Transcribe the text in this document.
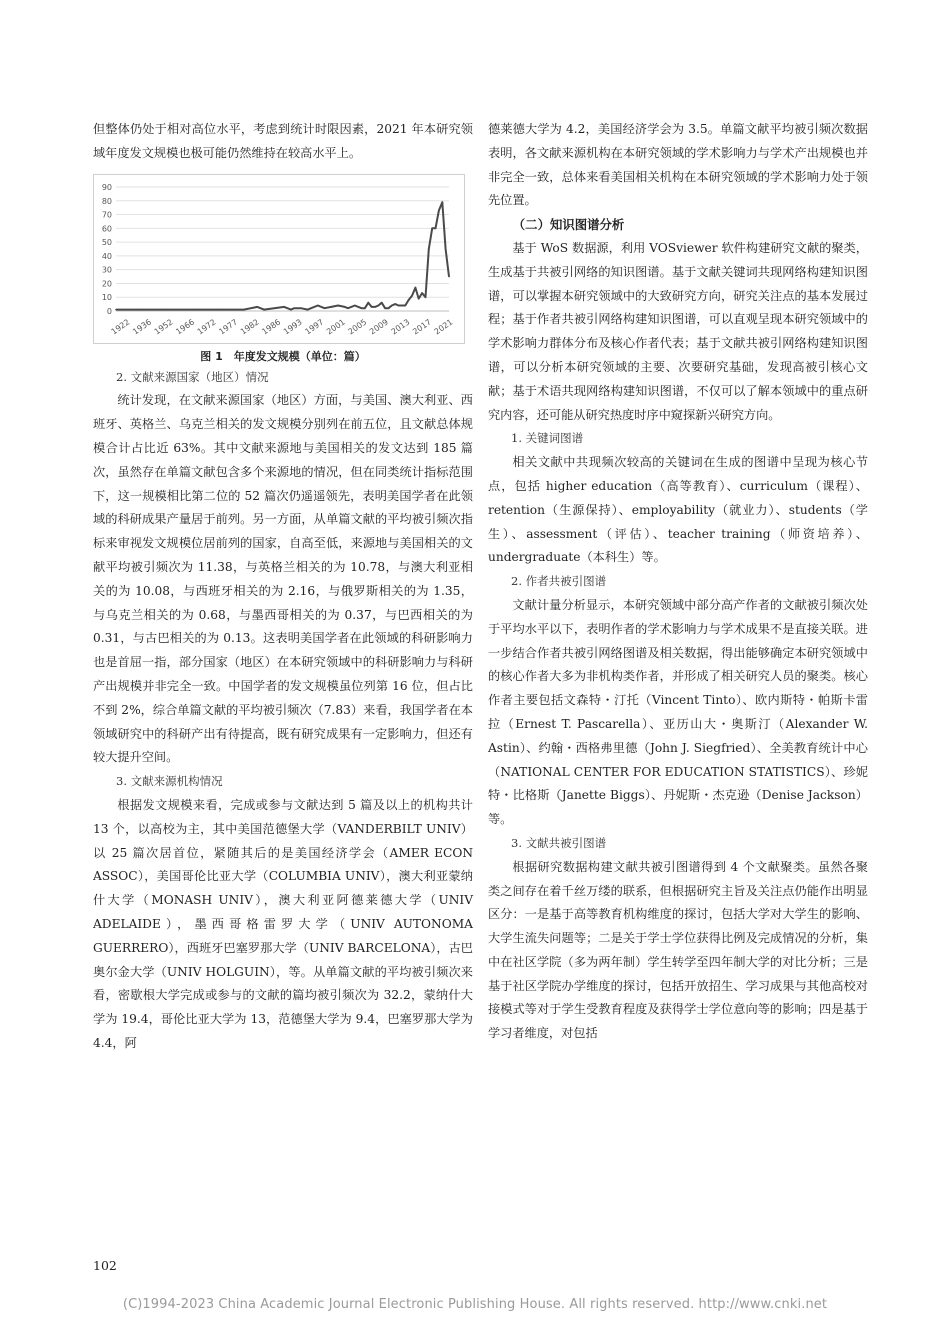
但整体仍处于相对高位水平，考虑到统计时限因素，2021 年本研究领域年度发文规模也极可能仍然维持在较高水平上。

0
10
20
30
40
50
60
70
80
90
1922 1936 1952 1966 1972 1977 1982 1986 1993 1997 2001 2005 2009 2013 2017 2021

图 1　年度发文规模（单位：篇）

2. 文献来源国家（地区）情况

统计发现，在文献来源国家（地区）方面，与美国、澳大利亚、西班牙、英格兰、乌克兰相关的发文规模分别列在前五位，且文献总体规模合计占比近 63%。其中文献来源地与美国相关的发文达到 185 篇次，虽然存在单篇文献包含多个来源地的情况，但在同类统计指标范围下，这一规模相比第二位的 52 篇次仍遥遥领先，表明美国学者在此领域的科研成果产量居于前列。另一方面，从单篇文献的平均被引频次指标来审视发文规模位居前列的国家，自高至低，来源地与美国相关的文献平均被引频次为 11.38，与英格兰相关的为 10.78，与澳大利亚相关的为 10.08，与西班牙相关的为 2.16，与俄罗斯相关的为 1.35，与乌克兰相关的为 0.68，与墨西哥相关的为 0.37，与巴西相关的为 0.31，与古巴相关的为 0.13。这表明美国学者在此领域的科研影响力也是首屈一指，部分国家（地区）在本研究领域中的科研影响力与科研产出规模并非完全一致。中国学者的发文规模虽位列第 16 位，但占比不到 2%，综合单篇文献的平均被引频次（7.83）来看，我国学者在本领域研究中的科研产出有待提高，既有研究成果有一定影响力，但还有较大提升空间。

3. 文献来源机构情况

根据发文规模来看，完成或参与文献达到 5 篇及以上的机构共计 13 个，以高校为主，其中美国范德堡大学（VANDERBILT UNIV）以 25 篇次居首位，紧随其后的是美国经济学会（AMER ECON ASSOC），美国哥伦比亚大学（COLUMBIA UNIV），澳大利亚蒙纳什大学（MONASH UNIV），澳大利亚阿德莱德大学（UNIV ADELAIDE），墨西哥格雷罗大学（UNIV AUTONOMA GUERRERO），西班牙巴塞罗那大学（UNIV BARCELONA），古巴奥尔金大学（UNIV HOLGUIN），等。从单篇文献的平均被引频次来看，密歇根大学完成或参与的文献的篇均被引频次为 32.2，蒙纳什大学为 19.4，哥伦比亚大学为 13，范德堡大学为 9.4，巴塞罗那大学为 4.4，阿

德莱德大学为 4.2，美国经济学会为 3.5。单篇文献平均被引频次数据表明，各文献来源机构在本研究领域的学术影响力与学术产出规模也并非完全一致，总体来看美国相关机构在本研究领域的学术影响力处于领先位置。

（二）知识图谱分析

基于 WoS 数据源，利用 VOSviewer 软件构建研究文献的聚类，生成基于共被引网络的知识图谱。基于文献关键词共现网络构建知识图谱，可以掌握本研究领域中的大致研究方向，研究关注点的基本发展过程；基于作者共被引网络构建知识图谱，可以直观呈现本研究领域中的学术影响力群体分布及核心作者代表；基于文献共被引网络构建知识图谱，可以分析本研究领域的主要、次要研究基础，发现高被引核心文献；基于术语共现网络构建知识图谱，不仅可以了解本领域中的重点研究内容，还可能从研究热度时序中窥探新兴研究方向。

1. 关键词图谱

相关文献中共现频次较高的关键词在生成的图谱中呈现为核心节点，包括 higher education（高等教育）、curriculum（课程）、retention（生源保持）、employability（就业力）、students（学生）、assessment（评估）、teacher training（师资培养）、undergraduate（本科生）等。

2. 作者共被引图谱

文献计量分析显示，本研究领域中部分高产作者的文献被引频次处于平均水平以下，表明作者的学术影响力与学术成果不是直接关联。进一步结合作者共被引网络图谱及相关数据，得出能够确定本研究领域中的核心作者大多为非机构类作者，并形成了相关研究人员的聚类。核心作者主要包括文森特・汀托（Vincent Tinto）、欧内斯特・帕斯卡雷拉（Ernest T. Pascarella）、亚历山大・奥斯汀（Alexander W. Astin）、约翰・西格弗里德（John J. Siegfried）、全美教育统计中心（NATIONAL CENTER FOR EDUCATION STATISTICS）、珍妮特・比格斯（Janette Biggs）、丹妮斯・杰克逊（Denise Jackson）等。

3. 文献共被引图谱

根据研究数据构建文献共被引图谱得到 4 个文献聚类。虽然各聚类之间存在着千丝万缕的联系，但根据研究主旨及关注点仍能作出明显区分：一是基于高等教育机构维度的探讨，包括大学对大学生的影响、大学生流失问题等；二是关于学士学位获得比例及完成情况的分析，集中在社区学院（多为两年制）学生转学至四年制大学的对比分析；三是基于社区学院办学维度的探讨，包括开放招生、学习成果与其他高校对接模式等对于学生受教育程度及获得学士学位意向等的影响；四是基于学习者维度，对包括

102
(C)1994-2023 China Academic Journal Electronic Publishing House. All rights reserved. http://www.cnki.net
